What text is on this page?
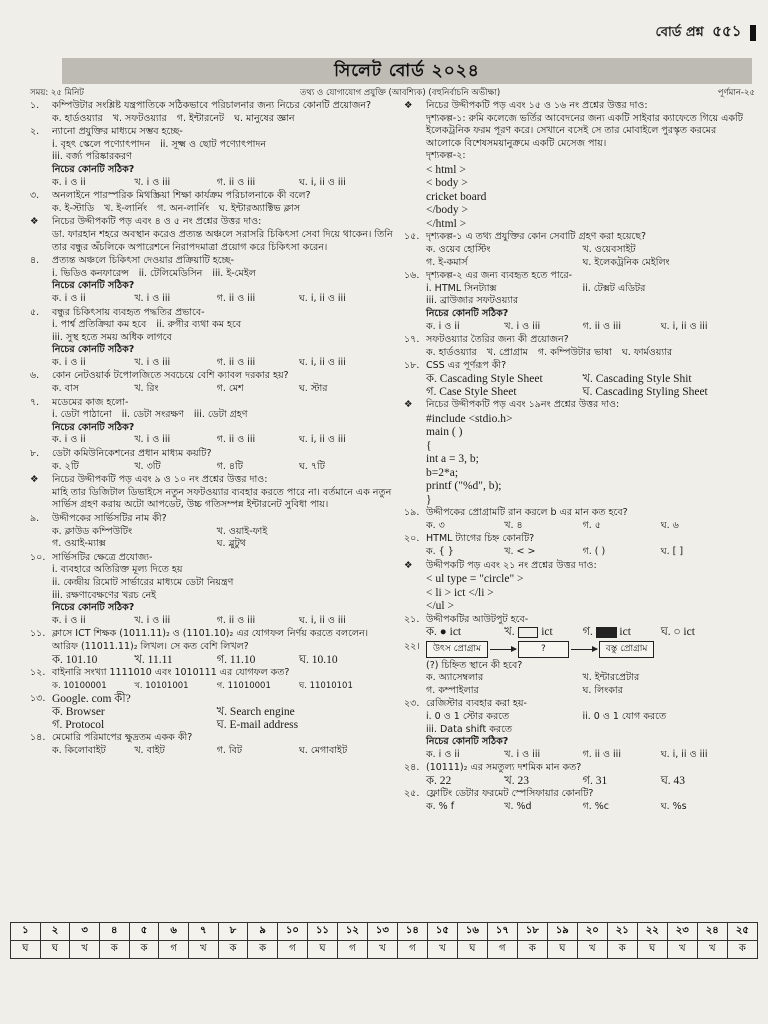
বোর্ড প্রশ্ন ৫৫১
সিলেট বোর্ড ২০২৪
সময়: ২৫ মিনিট	তথ্য ও যোগাযোগ প্রযুক্তি (আবশ্যিক) (বহুনির্বাচনি অভীক্ষা)	পূর্ণমান-২৫
১.	কম্পিউটার সংশ্লিষ্ট যন্ত্রপাতিকে সঠিকভাবে পরিচালনার জন্য নিচের কোনটি প্রয়োজন?
ক. হার্ডওয়্যার খ. সফটওয়্যার গ. ইন্টারনেট ঘ. মানুষের জ্ঞান
২.	ন্যানো প্রযুক্তির মাধ্যমে সম্ভব হচ্ছে-
i. বৃহৎ স্কেলে পণ্যোৎপাদন ii. সূক্ষ্ম ও ছোট পণ্যোৎপাদন
iii. বর্জ্য পরিষ্কারকরণ
নিচের কোনটি সঠিক?
ক. i ও ii	খ. i ও iii	গ. ii ও iii	ঘ. i, ii ও iii
৩.	অনলাইনে পারস্পরিক মিথস্ক্রিয়া শিক্ষা কার্যক্রম পরিচালনাকে কী বলে?
ক. ই-স্টাডি খ. ই-লার্নিং গ. অন-লার্নিং ঘ. ইন্টারঅ্যাক্টিভ ক্লাস
❖	নিচের উদ্দীপকটি পড় এবং ৪ ও ৫ নং প্রশ্নের উত্তর দাও:
ডা. ফারহান শহরে অবস্থান করেও প্রত্যন্ত অঞ্চলে সরাসরি চিকিৎসা সেবা দিয়ে থাকেন। তিনি তার বন্ধুর অঁচলিকে অপারেশনে নিরাপদমাত্রা প্রয়োগ করে চিকিৎসা করেন।
৪.	প্রত্যন্ত অঞ্চলে চিকিৎসা দেওয়ার প্রক্রিয়াটি হচ্ছে-
i. ভিডিও কনফারেন্স ii. টেলিমেডিসিন iii. ই-মেইল
নিচের কোনটি সঠিক?
ক. i ও ii	খ. i ও iii	গ. ii ও iii	ঘ. i, ii ও iii
৫.	বন্ধুর চিকিৎসায় ব্যবহৃত পদ্ধতির প্রভাবে-
i. পার্শ্ব প্রতিক্রিয়া কম হবে ii. রুগীর ব্যথা কম হবে
iii. সুস্থ হতে সময় অধিক লাগবে
নিচের কোনটি সঠিক?
ক. i ও ii	খ. i ও iii	গ. ii ও iii	ঘ. i, ii ও iii
৬.	কোন নেটওয়ার্ক টপোলজিতে সবচেয়ে বেশি ক্যাবল দরকার হয়?
ক. বাস	খ. রিং	গ. মেশ	ঘ. স্টার
৭.	মডেমের কাজ হলো-
i. ডেটা পাঠানো ii. ডেটা সংরক্ষণ iii. ডেটা গ্রহণ
নিচের কোনটি সঠিক?
ক. i ও ii	খ. i ও iii	গ. ii ও iii	ঘ. i, ii ও iii
৮.	ডেটা কমিউনিকেশনের প্রধান মাধ্যম কয়টি?
ক. ২টি	খ. ৩টি	গ. ৪টি	ঘ. ৭টি
❖	নিচের উদ্দীপকটি পড় এবং ৯ ও ১০ নং প্রশ্নের উত্তর দাও:
মাহি তার ডিজিটাল ডিভাইসে নতুন সফটওয়্যার ব্যবহার করতে পারে না। বর্তমানে এক নতুন সার্ভিস গ্রহণ করায় অটো আপডেট, উচ্চ গতিসম্পন্ন ইন্টারনেট সুবিধা পায়।
৯.	উদ্দীপকের সার্ভিসটির নাম কী?
ক. ক্লাউড কম্পিউটিং	খ. ওয়াই-ফাই
গ. ওয়াই-ম্যাক্স	ঘ. ব্লুটুথ
১০. সার্ভিসটির ক্ষেত্রে প্রযোজ্য-
i. ব্যবহারে অতিরিক্ত মূল্য দিতে হয়
ii. কেন্দ্রীয় রিমোট সার্ভারের মাধ্যমে ডেটা নিয়ন্ত্রণ
iii. রক্ষণাবেক্ষণের খরচ নেই
নিচের কোনটি সঠিক?
ক. i ও ii	খ. i ও iii	গ. ii ও iii	ঘ. i, ii ও iii
১১. ক্লাসে ICT শিক্ষক (1011.11)₂ ও (1101.10)₂ এর যোগফল নির্ণয় করতে বললেন। আরিফ (11011.11)₂ লিখল। সে কত বেশি লিখল?
ক. 101.10	খ. 11.11	গ. 11.10	ঘ. 10.10
১২. বাইনারি সংখ্যা 1111010 এবং 1010111 এর যোগফল কত?
ক. 10100001	খ. 10101001	গ. 11010001	ঘ. 11010101
১৩. Google. com কী?
ক. Browser	খ. Search engine
গ. Protocol	ঘ. E-mail address
১৪. মেমোরি পরিমাপের ক্ষুদ্রতম একক কী?
ক. কিলোবাইট	খ. বাইট	গ. বিট	ঘ. মেগাবাইট
❖	নিচের উদ্দীপকটি পড় এবং ১৫ ও ১৬ নং প্রশ্নের উত্তর দাও:
দৃশ্যকল্প-১: রুমি কলেজে ভর্তির আবেদনের জন্য একটি সাইবার ক্যাফেতে গিয়ে একটি ইলেকট্রনিক ফরম পূরণ করে। সেখানে বসেই সে তার মোবাইলে পুরস্কৃত করমের আলোকে বিশেষসময়ানুক্রমে একটি মেসেজ পায়।
দৃশ্যকল্প-২:
< html >
< body >
cricket board
</body >
</html >
১৫. দৃশ্যকল্প-১ এ তথ্য প্রযুক্তির কোন সেবাটি গ্রহণ করা হয়েছে?
ক. ওয়েব হোস্টিং	খ. ওয়েবসাইট
গ. ই-কমার্স	ঘ. ইলেকট্রনিক মেইলিং
১৬. দৃশ্যকল্প-২ এর জন্য ব্যবহৃত হতে পারে-
i. HTML সিনট্যাক্স	ii. টেক্সট এডিটর
iii. ব্রাউজার সফটওয়্যার
নিচের কোনটি সঠিক?
ক. i ও ii	খ. i ও iii	গ. ii ও iii	ঘ. i, ii ও iii
১৭. সফটওয়্যার তৈরির জন্য কী প্রয়োজন?
ক. হার্ডওয়্যার খ. প্রোগ্রাম গ. কম্পিউটার ভাষা ঘ. ফার্মওয়্যার
১৮. CSS এর পূর্ণরূপ কী?
ক. Cascading Style Sheet	খ. Cascading Style Shit
গ. Case Style Sheet	ঘ. Cascading Styling Sheet
❖	নিচের উদ্দীপকটি পড় এবং ১৯নং প্রশ্নের উত্তর দাও:
#include <stdio.h>
main ( )
{
int a = 3, b;
b=2*a;
printf ("%d", b);
}
১৯. উদ্দীপকের প্রোগ্রামটি রান করলে b এর মান কত হবে?
ক. ৩	খ. ৪	গ. ৫	ঘ. ৬
২০. HTML ট্যাগের চিহ্ন কোনটি?
ক. { }	খ. < >	গ. ( )	ঘ. [ ]
❖	উদ্দীপকটি পড় এবং ২১ নং প্রশ্নের উত্তর দাও:
< ul type = "circle" >
< li > ict </li >
</ul >
২১. উদ্দীপকটির আউটপুট হবে-
ক. ● ict	খ. ict	গ. ict	ঘ. ○ ict
২২।	উৎস প্রোগ্রাম	?	বস্তু প্রোগ্রাম
(?) চিহ্নিত স্থানে কী হবে?
ক. অ্যাসেম্বলার	খ. ইন্টারপ্রেটার
গ. কম্পাইলার	ঘ. লিংকার
২৩. রেজিস্টার ব্যবহার করা হয়-
i. 0 ও 1 স্টোর করতে	ii. 0 ও 1 যোগ করতে
iii. Data shift করতে
নিচের কোনটি সঠিক?
ক. i ও ii	খ. i ও iii	গ. ii ও iii	ঘ. i, ii ও iii
২৪. (10111)₂ এর সমতুল্য দশমিক মান কত?
ক. 22	খ. 23	গ. 31	ঘ. 43
২৫. ফ্লোটিং ডেটার ফরমেট স্পেসিফায়ার কোনটি?
ক. % f	খ. %d	গ. %c	ঘ. %s
১	২	৩	৪	৫	৬	৭	৮	৯	১০	১১	১২	১৩	১৪	১৫	১৬	১৭	১৮	১৯	২০	২১	২২	২৩	২৪	২৫
ঘ	ঘ	খ	ক	ক	গ	খ	ক	ক	গ	ঘ	গ	খ	গ	খ	ঘ	গ	ক	ঘ	খ	ক	ঘ	খ	খ	ক
